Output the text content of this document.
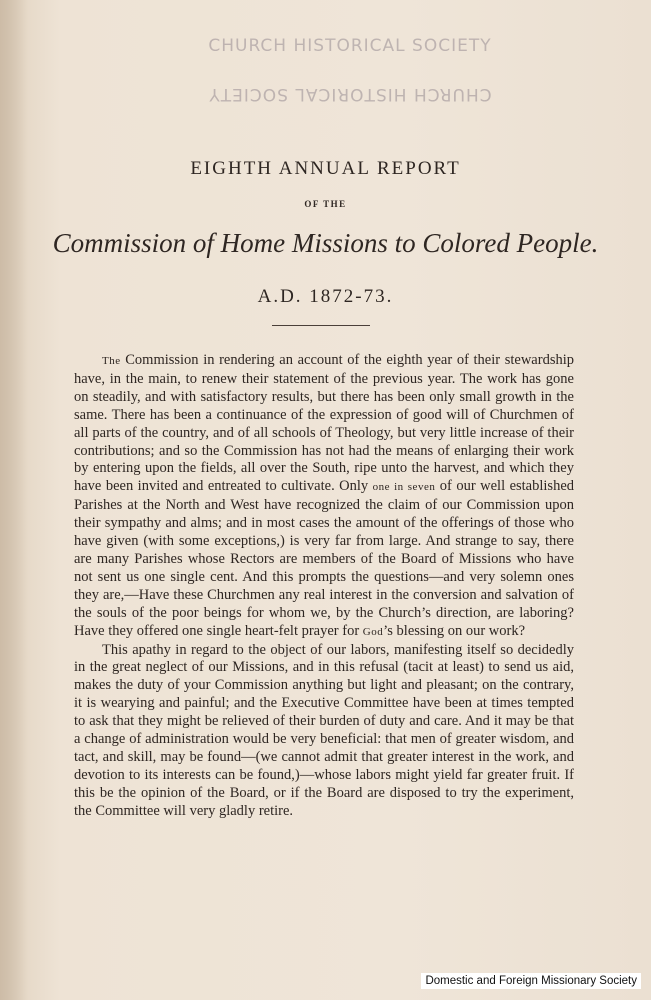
CHURCH HISTORICAL SOCIETY
CHURCH HISTORICAL SOCIETY
EIGHTH ANNUAL REPORT
OF THE
Commission of Home Missions to Colored People.
A.D. 1872-73.

The Commission in rendering an account of the eighth year of their stewardship have, in the main, to renew their statement of the previous year. The work has gone on steadily, and with satisfactory results, but there has been only small growth in the same. There has been a continuance of the expression of good will of Churchmen of all parts of the country, and of all schools of Theology, but very little increase of their contributions; and so the Commission has not had the means of enlarging their work by entering upon the fields, all over the South, ripe unto the harvest, and which they have been invited and entreated to cultivate. Only one in seven of our well established Parishes at the North and West have recognized the claim of our Commission upon their sympathy and alms; and in most cases the amount of the offerings of those who have given (with some exceptions,) is very far from large. And strange to say, there are many Parishes whose Rectors are members of the Board of Missions who have not sent us one single cent. And this prompts the questions—and very solemn ones they are,—Have these Churchmen any real interest in the conversion and salvation of the souls of the poor beings for whom we, by the Church’s direction, are laboring? Have they offered one single heart-felt prayer for God’s blessing on our work?

This apathy in regard to the object of our labors, manifesting itself so decidedly in the great neglect of our Missions, and in this refusal (tacit at least) to send us aid, makes the duty of your Commission anything but light and pleasant; on the contrary, it is wearying and painful; and the Executive Committee have been at times tempted to ask that they might be relieved of their burden of duty and care. And it may be that a change of administration would be very beneficial: that men of greater wisdom, and tact, and skill, may be found—(we cannot admit that greater interest in the work, and devotion to its interests can be found,)—whose labors might yield far greater fruit. If this be the opinion of the Board, or if the Board are disposed to try the experiment, the Committee will very gladly retire.

Domestic and Foreign Missionary Society
